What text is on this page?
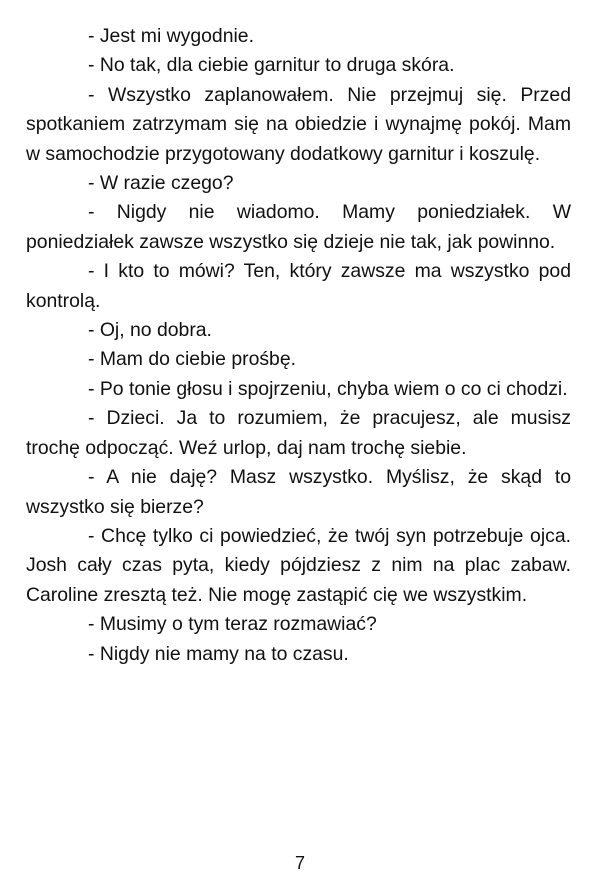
- Jest mi wygodnie.

- No tak, dla ciebie garnitur to druga skóra.

- Wszystko zaplanowałem. Nie przejmuj się. Przed spotkaniem zatrzymam się na obiedzie i wynajmę pokój. Mam w samochodzie przygotowany dodatkowy garnitur i koszulę.

- W razie czego?

- Nigdy nie wiadomo. Mamy poniedziałek. W poniedziałek zawsze wszystko się dzieje nie tak, jak powinno.

- I kto to mówi? Ten, który zawsze ma wszystko pod kontrolą.

- Oj, no dobra.

- Mam do ciebie prośbę.

- Po tonie głosu i spojrzeniu, chyba wiem o co ci chodzi.

- Dzieci. Ja to rozumiem, że pracujesz, ale musisz trochę odpocząć. Weź urlop, daj nam trochę siebie.

- A nie daję? Masz wszystko. Myślisz, że skąd to wszystko się bierze?

- Chcę tylko ci powiedzieć, że twój syn potrzebuje ojca. Josh cały czas pyta, kiedy pójdziesz z nim na plac zabaw. Caroline zresztą też. Nie mogę zastąpić cię we wszystkim.

- Musimy o tym teraz rozmawiać?

- Nigdy nie mamy na to czasu.

7
